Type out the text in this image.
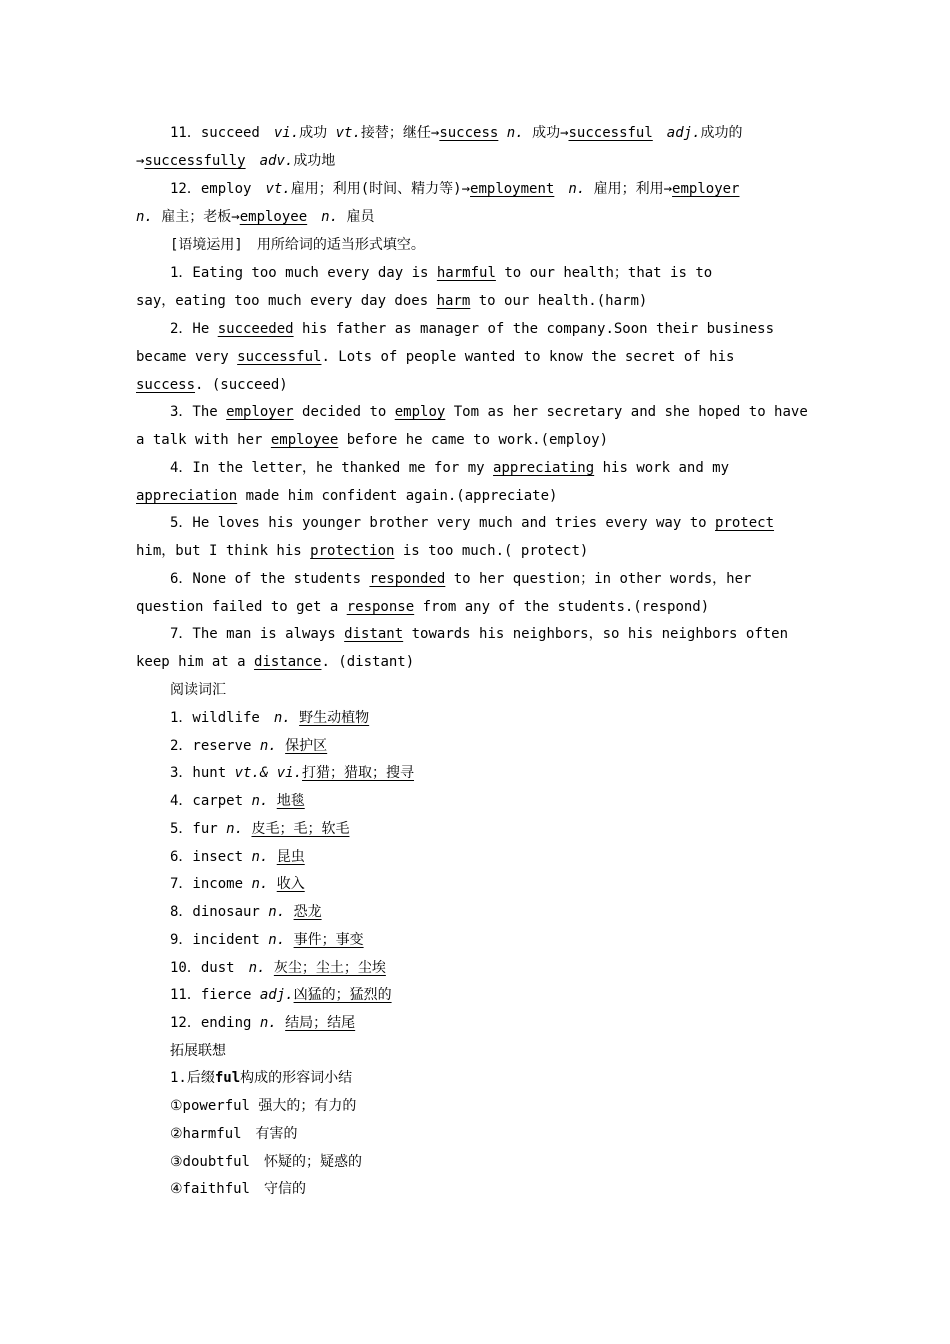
11．succeed　vi.成功 vt.接替；继任→success n. 成功→successful　 adj.成功的
→successfully　 adv.成功地
12．employ　vt.雇用；利用(时间、精力等)→employment　 n. 雇用；利用→employer
n. 雇主；老板→employee　 n. 雇员
[语境运用]　用所给词的适当形式填空。
1．Eating too much every day is harmful to our health；that is to
say，eating too much every day does harm to our health.(harm)
2．He succeeded his father as manager of the company.Soon their business
became very successful. Lots of people wanted to know the secret of his
success. (succeed)
3．The employer decided to employ Tom as her secretary and she hoped to have
a talk with her employee before he came to work.(employ)
4．In the letter，he thanked me for my appreciating his work and my
appreciation made him confident again.(appreciate)
5．He loves his younger brother very much and tries every way to protect
him，but I think his protection is too much.( protect)
6．None of the students responded to her question；in other words，her
question failed to get a response from any of the students.(respond)
7．The man is always distant towards his neighbors，so his neighbors often
keep him at a distance. (distant)
阅读词汇
1．wildlife　n. 野生动植物
2．reserve n. 保护区
3．hunt vt.& vi.打猎；猎取；搜寻
4．carpet n. 地毯
5．fur n. 皮毛；毛；软毛
6．insect n. 昆虫
7．income n. 收入
8．dinosaur n. 恐龙
9．incident n. 事件；事变
10．dust　n. 灰尘；尘土；尘埃
11．fierce adj.凶猛的；猛烈的
12．ending n. 结局；结尾
拓展联想
1.后缀ful构成的形容词小结
①powerful 强大的；有力的
②harmful　有害的
③doubtful　怀疑的；疑惑的
④faithful　守信的
